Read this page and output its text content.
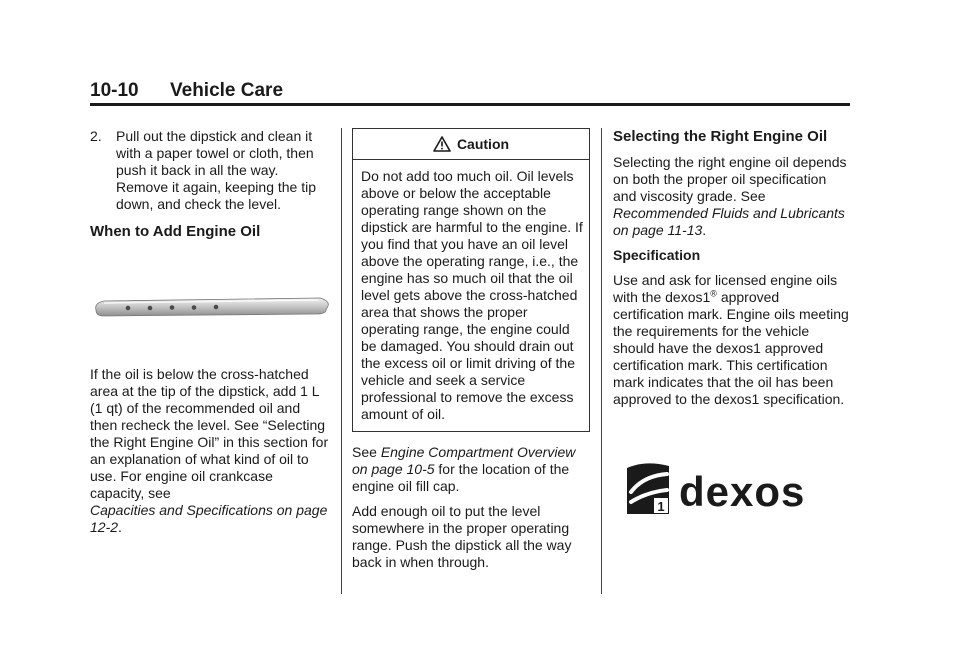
10-10 Vehicle Care
2.	Pull out the dipstick and clean it with a paper towel or cloth, then push it back in all the way. Remove it again, keeping the tip down, and check the level.
When to Add Engine Oil

If the oil is below the cross-hatched area at the tip of the dipstick, add 1 L (1 qt) of the recommended oil and then recheck the level. See “Selecting the Right Engine Oil” in this section for an explanation of what kind of oil to use. For engine oil crankcase capacity, see
Capacities and Specifications on page 12-2.

Caution
Do not add too much oil. Oil levels above or below the acceptable operating range shown on the dipstick are harmful to the engine. If you find that you have an oil level above the operating range, i.e., the engine has so much oil that the oil level gets above the cross-hatched area that shows the proper operating range, the engine could be damaged. You should drain out the excess oil or limit driving of the vehicle and seek a service professional to remove the excess amount of oil.

See Engine Compartment Overview on page 10-5 for the location of the engine oil fill cap.

Add enough oil to put the level somewhere in the proper operating range. Push the dipstick all the way back in when through.

Selecting the Right Engine Oil

Selecting the right engine oil depends on both the proper oil specification and viscosity grade. See Recommended Fluids and Lubricants on page 11-13.

Specification

Use and ask for licensed engine oils with the dexos1® approved certification mark. Engine oils meeting the requirements for the vehicle should have the dexos1 approved certification mark. This certification mark indicates that the oil has been approved to the dexos1 specification.

1 dexos
